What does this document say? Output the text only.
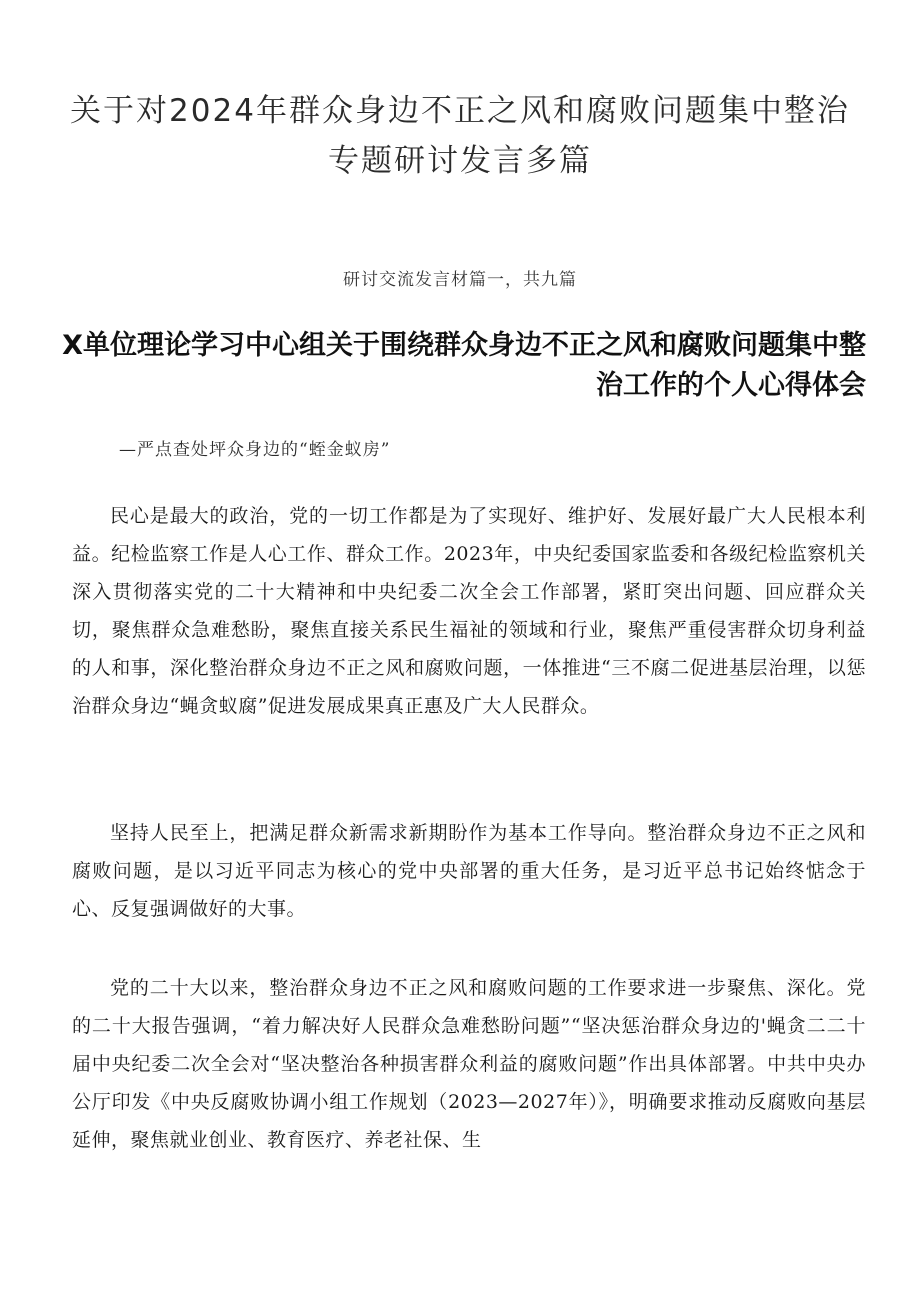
关于对2024年群众身边不正之风和腐败问题集中整治专题研讨发言多篇

研讨交流发言材篇一，共九篇

X单位理论学习中心组关于围绕群众身边不正之风和腐败问题集中整治工作的个人心得体会

—严点查处坪众身边的“蛭金蚁房”

民心是最大的政治，党的一切工作都是为了实现好、维护好、发展好最广大人民根本利益。纪检监察工作是人心工作、群众工作。2023年，中央纪委国家监委和各级纪检监察机关深入贯彻落实党的二十大精神和中央纪委二次全会工作部署，紧盯突出问题、回应群众关切，聚焦群众急难愁盼，聚焦直接关系民生福祉的领域和行业，聚焦严重侵害群众切身利益的人和事，深化整治群众身边不正之风和腐败问题，一体推进“三不腐二促进基层治理，以惩治群众身边“蝇贪蚁腐”促进发展成果真正惠及广大人民群众。

坚持人民至上，把满足群众新需求新期盼作为基本工作导向。整治群众身边不正之风和腐败问题，是以习近平同志为核心的党中央部署的重大任务，是习近平总书记始终惦念于心、反复强调做好的大事。

党的二十大以来，整治群众身边不正之风和腐败问题的工作要求进一步聚焦、深化。党的二十大报告强调，“着力解决好人民群众急难愁盼问题”“坚决惩治群众身边的'蝇贪二二十届中央纪委二次全会对“坚决整治各种损害群众利益的腐败问题”作出具体部署。中共中央办公厅印发《中央反腐败协调小组工作规划（2023—2027年）》，明确要求推动反腐败向基层延伸，聚焦就业创业、教育医疗、养老社保、生
